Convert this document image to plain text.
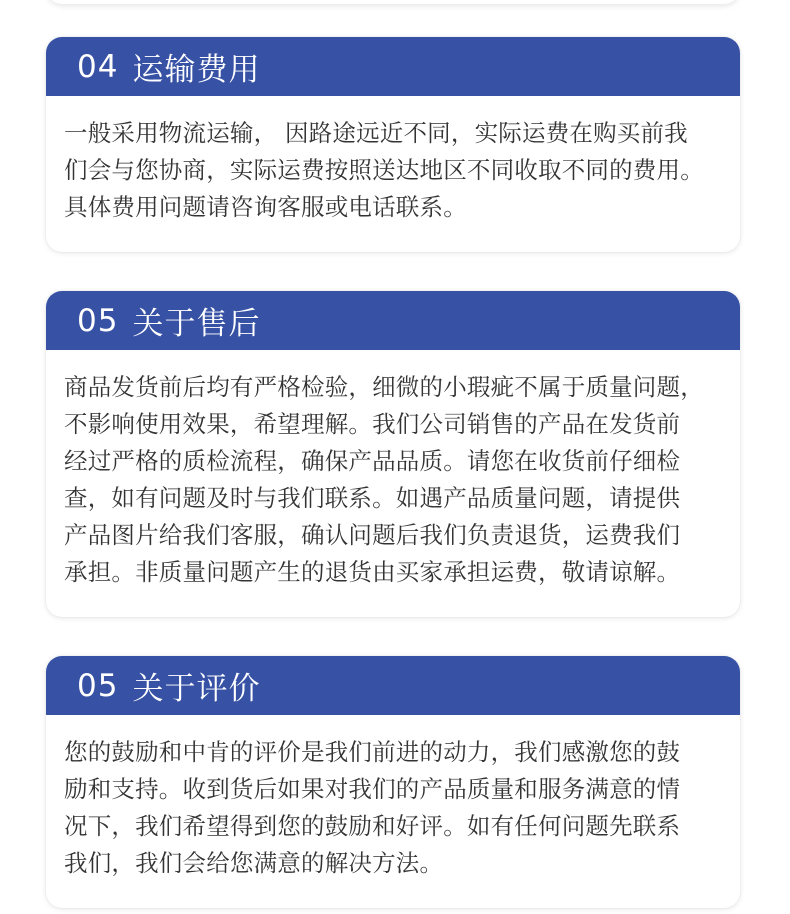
04 运输费用
一般采用物流运输， 因路途远近不同，实际运费在购买前我
们会与您协商，实际运费按照送达地区不同收取不同的费用。
具体费用问题请咨询客服或电话联系。
05 关于售后
商品发货前后均有严格检验，细微的小瑕疵不属于质量问题，
不影响使用效果，希望理解。我们公司销售的产品在发货前
经过严格的质检流程，确保产品品质。请您在收货前仔细检
查，如有问题及时与我们联系。如遇产品质量问题，请提供
产品图片给我们客服，确认问题后我们负责退货，运费我们
承担。非质量问题产生的退货由买家承担运费，敬请谅解。
05 关于评价
您的鼓励和中肯的评价是我们前进的动力，我们感激您的鼓
励和支持。收到货后如果对我们的产品质量和服务满意的情
况下，我们希望得到您的鼓励和好评。如有任何问题先联系
我们，我们会给您满意的解决方法。
